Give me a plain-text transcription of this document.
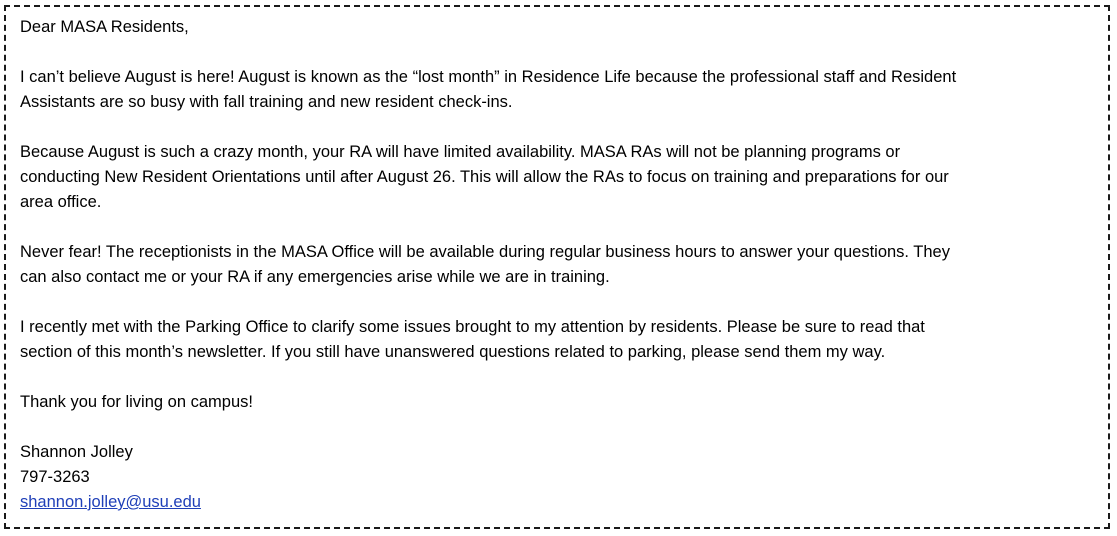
Dear MASA Residents,
I can’t believe August is here! August is known as the “lost month” in Residence Life because the professional staff and Resident
Assistants are so busy with fall training and new resident check-ins.
Because August is such a crazy month, your RA will have limited availability. MASA RAs will not be planning programs or
conducting New Resident Orientations until after August 26. This will allow the RAs to focus on training and preparations for our
area office.
Never fear! The receptionists in the MASA Office will be available during regular business hours to answer your questions. They
can also contact me or your RA if any emergencies arise while we are in training.
I recently met with the Parking Office to clarify some issues brought to my attention by residents. Please be sure to read that
section of this month’s newsletter. If you still have unanswered questions related to parking, please send them my way.
Thank you for living on campus!
Shannon Jolley
797-3263
shannon.jolley@usu.edu
